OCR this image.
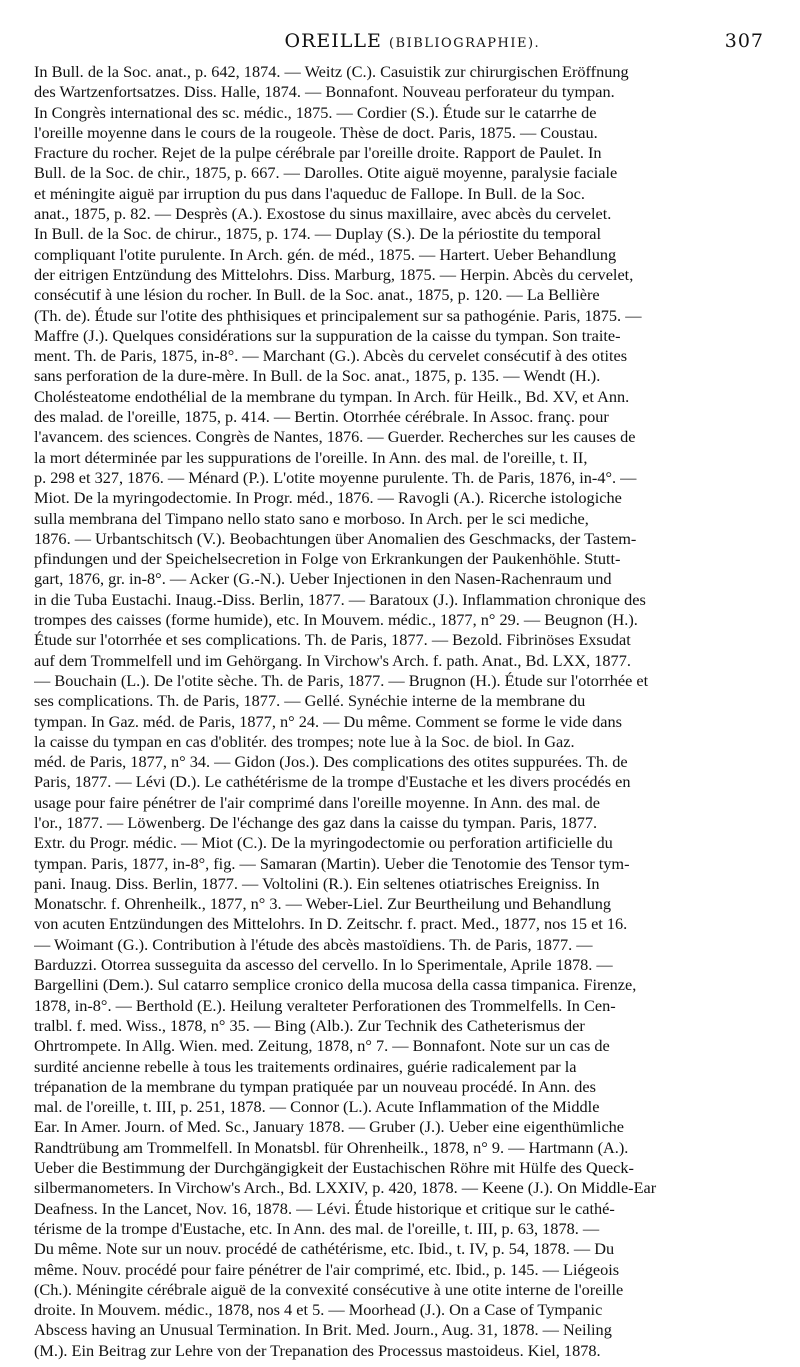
OREILLE (BIBLIOGRAPHIE).	307
In Bull. de la Soc. anat., p. 642, 1874. — Weitz (C.). Casuistik zur chirurgischen Eröffnung
des Wartzenfortsatzes. Diss. Halle, 1874. — Bonnafont. Nouveau perforateur du tympan.
In Congrès international des sc. médic., 1875. — Cordier (S.). Étude sur le catarrhe de
l'oreille moyenne dans le cours de la rougeole. Thèse de doct. Paris, 1875. — Coustau.
Fracture du rocher. Rejet de la pulpe cérébrale par l'oreille droite. Rapport de Paulet. In
Bull. de la Soc. de chir., 1875, p. 667. — Darolles. Otite aiguë moyenne, paralysie faciale
et méningite aiguë par irruption du pus dans l'aqueduc de Fallope. In Bull. de la Soc.
anat., 1875, p. 82. — Desprès (A.). Exostose du sinus maxillaire, avec abcès du cervelet.
In Bull. de la Soc. de chirur., 1875, p. 174. — Duplay (S.). De la périostite du temporal
compliquant l'otite purulente. In Arch. gén. de méd., 1875. — Hartert. Ueber Behandlung
der eitrigen Entzündung des Mittelohrs. Diss. Marburg, 1875. — Herpin. Abcès du cervelet,
consécutif à une lésion du rocher. In Bull. de la Soc. anat., 1875, p. 120. — La Bellière
(Th. de). Étude sur l'otite des phthisiques et principalement sur sa pathogénie. Paris, 1875. —
Maffre (J.). Quelques considérations sur la suppuration de la caisse du tympan. Son traite-
ment. Th. de Paris, 1875, in-8°. — Marchant (G.). Abcès du cervelet consécutif à des otites
sans perforation de la dure-mère. In Bull. de la Soc. anat., 1875, p. 135. — Wendt (H.).
Cholésteatome endothélial de la membrane du tympan. In Arch. für Heilk., Bd. XV, et Ann.
des malad. de l'oreille, 1875, p. 414. — Bertin. Otorrhée cérébrale. In Assoc. franç. pour
l'avancem. des sciences. Congrès de Nantes, 1876. — Guerder. Recherches sur les causes de
la mort déterminée par les suppurations de l'oreille. In Ann. des mal. de l'oreille, t. II,
p. 298 et 327, 1876. — Ménard (P.). L'otite moyenne purulente. Th. de Paris, 1876, in-4°. —
Miot. De la myringodectomie. In Progr. méd., 1876. — Ravogli (A.). Ricerche istologiche
sulla membrana del Timpano nello stato sano e morboso. In Arch. per le sci mediche,
1876. — Urbantschitsch (V.). Beobachtungen über Anomalien des Geschmacks, der Tastem-
pfindungen und der Speichelsecretion in Folge von Erkrankungen der Paukenhöhle. Stutt-
gart, 1876, gr. in-8°. — Acker (G.-N.). Ueber Injectionen in den Nasen-Rachenraum und
in die Tuba Eustachi. Inaug.-Diss. Berlin, 1877. — Baratoux (J.). Inflammation chronique des
trompes des caisses (forme humide), etc. In Mouvem. médic., 1877, n° 29. — Beugnon (H.).
Étude sur l'otorrhée et ses complications. Th. de Paris, 1877. — Bezold. Fibrinöses Exsudat
auf dem Trommelfell und im Gehörgang. In Virchow's Arch. f. path. Anat., Bd. LXX, 1877.
— Bouchain (L.). De l'otite sèche. Th. de Paris, 1877. — Brugnon (H.). Étude sur l'otorrhée et
ses complications. Th. de Paris, 1877. — Gellé. Synéchie interne de la membrane du
tympan. In Gaz. méd. de Paris, 1877, n° 24. — Du même. Comment se forme le vide dans
la caisse du tympan en cas d'oblitér. des trompes; note lue à la Soc. de biol. In Gaz.
méd. de Paris, 1877, n° 34. — Gidon (Jos.). Des complications des otites suppurées. Th. de
Paris, 1877. — Lévi (D.). Le cathétérisme de la trompe d'Eustache et les divers procédés en
usage pour faire pénétrer de l'air comprimé dans l'oreille moyenne. In Ann. des mal. de
l'or., 1877. — Löwenberg. De l'échange des gaz dans la caisse du tympan. Paris, 1877.
Extr. du Progr. médic. — Miot (C.). De la myringodectomie ou perforation artificielle du
tympan. Paris, 1877, in-8°, fig. — Samaran (Martin). Ueber die Tenotomie des Tensor tym-
pani. Inaug. Diss. Berlin, 1877. — Voltolini (R.). Ein seltenes otiatrisches Ereigniss. In
Monatschr. f. Ohrenheilk., 1877, n° 3. — Weber-Liel. Zur Beurtheilung und Behandlung
von acuten Entzündungen des Mittelohrs. In D. Zeitschr. f. pract. Med., 1877, nos 15 et 16.
— Woimant (G.). Contribution à l'étude des abcès mastoïdiens. Th. de Paris, 1877. —
Barduzzi. Otorrea susseguita da ascesso del cervello. In lo Sperimentale, Aprile 1878. —
Bargellini (Dem.). Sul catarro semplice cronico della mucosa della cassa timpanica. Firenze,
1878, in-8°. — Berthold (E.). Heilung veralteter Perforationen des Trommelfells. In Cen-
tralbl. f. med. Wiss., 1878, n° 35. — Bing (Alb.). Zur Technik des Catheterismus der
Ohrtrompete. In Allg. Wien. med. Zeitung, 1878, n° 7. — Bonnafont. Note sur un cas de
surdité ancienne rebelle à tous les traitements ordinaires, guérie radicalement par la
trépanation de la membrane du tympan pratiquée par un nouveau procédé. In Ann. des
mal. de l'oreille, t. III, p. 251, 1878. — Connor (L.). Acute Inflammation of the Middle
Ear. In Amer. Journ. of Med. Sc., January 1878. — Gruber (J.). Ueber eine eigenthümliche
Randtrübung am Trommelfell. In Monatsbl. für Ohrenheilk., 1878, n° 9. — Hartmann (A.).
Ueber die Bestimmung der Durchgängigkeit der Eustachischen Röhre mit Hülfe des Queck-
silbermanometers. In Virchow's Arch., Bd. LXXIV, p. 420, 1878. — Keene (J.). On Middle-Ear
Deafness. In the Lancet, Nov. 16, 1878. — Lévi. Étude historique et critique sur le cathé-
térisme de la trompe d'Eustache, etc. In Ann. des mal. de l'oreille, t. III, p. 63, 1878. —
Du même. Note sur un nouv. procédé de cathétérisme, etc. Ibid., t. IV, p. 54, 1878. — Du
même. Nouv. procédé pour faire pénétrer de l'air comprimé, etc. Ibid., p. 145. — Liégeois
(Ch.). Méningite cérébrale aiguë de la convexité consécutive à une otite interne de l'oreille
droite. In Mouvem. médic., 1878, nos 4 et 5. — Moorhead (J.). On a Case of Tympanic
Abscess having an Unusual Termination. In Brit. Med. Journ., Aug. 31, 1878. — Neiling
(M.). Ein Beitrag zur Lehre von der Trepanation des Processus mastoideus. Kiel, 1878.
